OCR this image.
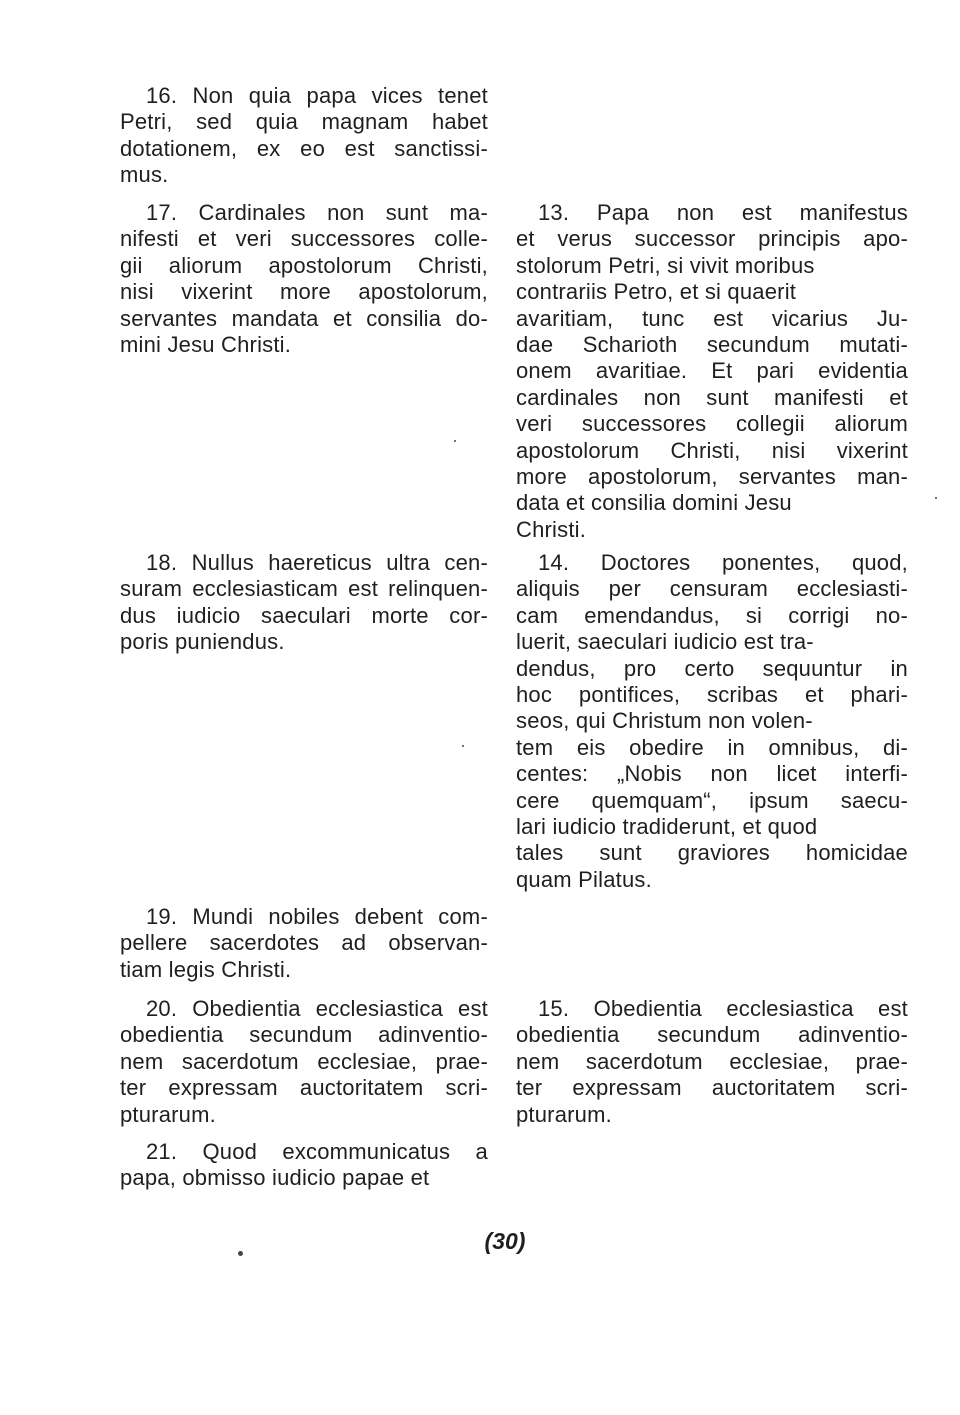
16. Non quia papa vices tenet
Petri, sed quia magnam habet
dotationem, ex eo est sanctissi-
mus.
17. Cardinales non sunt ma-
nifesti et veri successores colle-
gii aliorum apostolorum Christi,
nisi vixerint more apostolorum,
servantes mandata et consilia do-
mini Jesu Christi.
18. Nullus haereticus ultra cen-
suram ecclesiasticam est relinquen-
dus iudicio saeculari morte cor-
poris puniendus.
19. Mundi nobiles debent com-
pellere sacerdotes ad observan-
tiam legis Christi.
20. Obedientia ecclesiastica est
obedientia secundum adinventio-
nem sacerdotum ecclesiae, prae-
ter expressam auctoritatem scri-
pturarum.
21. Quod excommunicatus a
papa, obmisso iudicio papae et
13. Papa non est manifestus
et verus successor principis apo-
stolorum Petri, si vivit moribus
contrariis Petro, et si quaerit
avaritiam, tunc est vicarius Ju-
dae Scharioth secundum mutati-
onem avaritiae. Et pari evidentia
cardinales non sunt manifesti et
veri successores collegii aliorum
apostolorum Christi, nisi vixerint
more apostolorum, servantes man-
data et consilia domini Jesu
Christi.
14. Doctores ponentes, quod,
aliquis per censuram ecclesiasti-
cam emendandus, si corrigi no-
luerit, saeculari iudicio est tra-
dendus, pro certo sequuntur in
hoc pontifices, scribas et phari-
seos, qui Christum non volen-
tem eis obedire in omnibus, di-
centes: „Nobis non licet interfi-
cere quemquam“, ipsum saecu-
lari iudicio tradiderunt, et quod
tales sunt graviores homicidae
quam Pilatus.
15. Obedientia ecclesiastica est
obedientia secundum adinventio-
nem sacerdotum ecclesiae, prae-
ter expressam auctoritatem scri-
pturarum.
(30)
